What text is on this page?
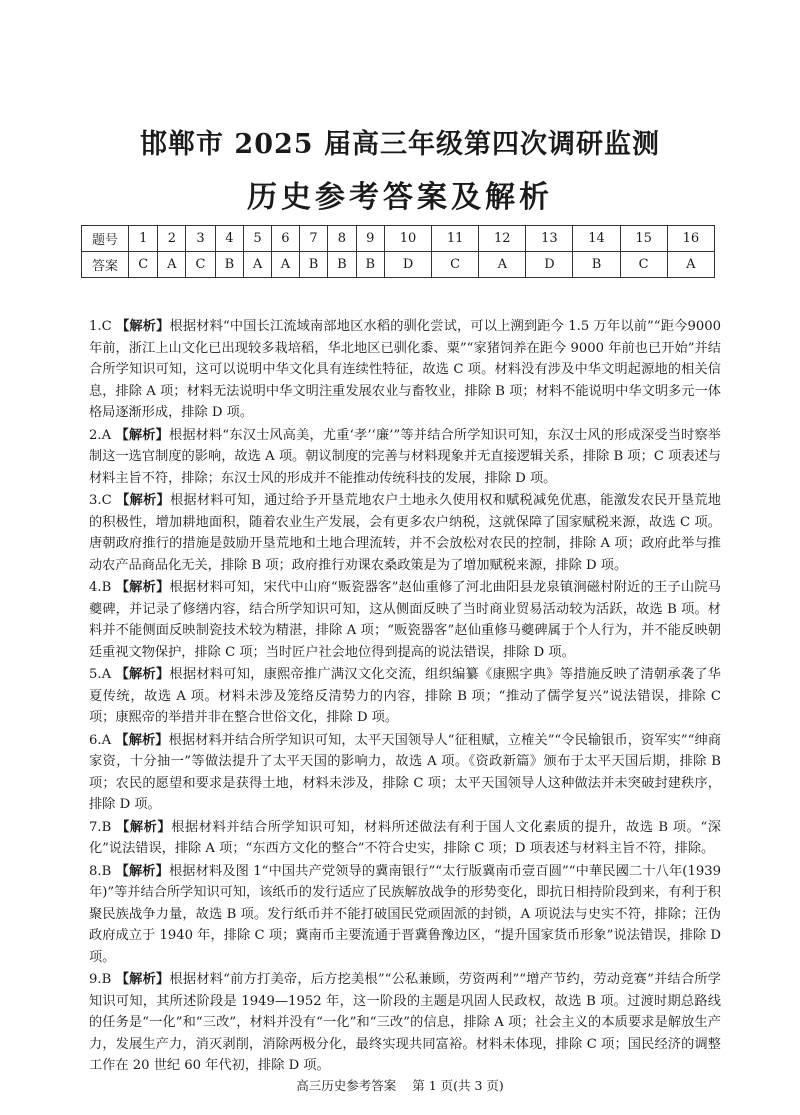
邯郸市 2025 届高三年级第四次调研监测
历史参考答案及解析
题号	1	2	3	4	5	6	7	8	9	10	11	12	13	14	15	16
答案	C	A	C	B	A	A	B	B	B	D	C	A	D	B	C	A

1.C 【解析】根据材料“中国长江流域南部地区水稻的驯化尝试，可以上溯到距今 1.5 万年以前”“距今9000 年前，浙江上山文化已出现较多栽培稻，华北地区已驯化黍、粟”“家猪饲养在距今 9000 年前也已开始”并结合所学知识可知，这可以说明中华文化具有连续性特征，故选 C 项。材料没有涉及中华文明起源地的相关信息，排除 A 项；材料无法说明中华文明注重发展农业与畜牧业，排除 B 项；材料不能说明中华文明多元一体格局逐渐形成，排除 D 项。

2.A 【解析】根据材料“东汉士风高美，尤重‘孝’‘廉’”等并结合所学知识可知，东汉士风的形成深受当时察举制这一选官制度的影响，故选 A 项。朝议制度的完善与材料现象并无直接逻辑关系，排除 B 项；C 项表述与材料主旨不符，排除；东汉士风的形成并不能推动传统科技的发展，排除 D 项。

3.C 【解析】根据材料可知，通过给予开垦荒地农户土地永久使用权和赋税减免优惠，能激发农民开垦荒地的积极性，增加耕地面积，随着农业生产发展，会有更多农户纳税，这就保障了国家赋税来源，故选 C 项。唐朝政府推行的措施是鼓励开垦荒地和土地合理流转，并不会放松对农民的控制，排除 A 项；政府此举与推动农产品商品化无关，排除 B 项；政府推行劝课农桑政策是为了增加赋税来源，排除 D 项。

4.B 【解析】根据材料可知，宋代中山府“贩瓷器客”赵仙重修了河北曲阳县龙泉镇涧磁村附近的王子山院马夔碑，并记录了修缮内容，结合所学知识可知，这从侧面反映了当时商业贸易活动较为活跃，故选 B 项。材料并不能侧面反映制瓷技术较为精湛，排除 A 项；“贩瓷器客”赵仙重修马夔碑属于个人行为，并不能反映朝廷重视文物保护，排除 C 项；当时匠户社会地位得到提高的说法错误，排除 D 项。

5.A 【解析】根据材料可知，康熙帝推广满汉文化交流，组织编纂《康熙字典》等措施反映了清朝承袭了华夏传统，故选 A 项。材料未涉及笼络反清势力的内容，排除 B 项；“推动了儒学复兴”说法错误，排除 C 项；康熙帝的举措并非在整合世俗文化，排除 D 项。

6.A 【解析】根据材料并结合所学知识可知，太平天国领导人“征租赋，立榷关”“令民输银币，资军实”“绅商家资，十分抽一”等做法提升了太平天国的影响力，故选 A 项。《资政新篇》颁布于太平天国后期，排除 B 项；农民的愿望和要求是获得土地，材料未涉及，排除 C 项；太平天国领导人这种做法并未突破封建秩序，排除 D 项。

7.B 【解析】根据材料并结合所学知识可知，材料所述做法有利于国人文化素质的提升，故选 B 项。“深化”说法错误，排除 A 项；“东西方文化的整合”不符合史实，排除 C 项；D 项表述与材料主旨不符，排除。

8.B 【解析】根据材料及图 1“中国共产党领导的冀南银行”“太行版冀南币壹百圆”“中華民國二十八年(1939 年)”等并结合所学知识可知，该纸币的发行适应了民族解放战争的形势变化，即抗日相持阶段到来，有利于积聚民族战争力量，故选 B 项。发行纸币并不能打破国民党顽固派的封锁，A 项说法与史实不符，排除；汪伪政府成立于 1940 年，排除 C 项；冀南币主要流通于晋冀鲁豫边区，“提升国家货币形象”说法错误，排除 D 项。

9.B 【解析】根据材料“前方打美帝，后方挖美根”“公私兼顾，劳资两利”“增产节约，劳动竞赛”并结合所学知识可知，其所述阶段是 1949—1952 年，这一阶段的主题是巩固人民政权，故选 B 项。过渡时期总路线的任务是“一化”和“三改”，材料并没有“一化”和“三改”的信息，排除 A 项；社会主义的本质要求是解放生产力，发展生产力，消灭剥削，消除两极分化，最终实现共同富裕。材料未体现，排除 C 项；国民经济的调整工作在 20 世纪 60 年代初，排除 D 项。

高三历史参考答案 第 1 页(共 3 页)
